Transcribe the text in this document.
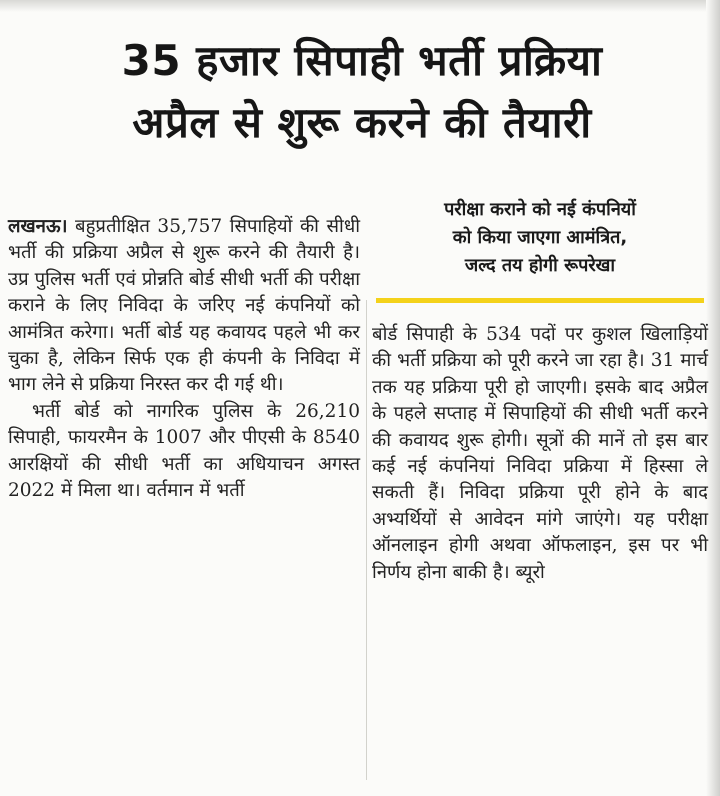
35 हजार सिपाही भर्ती प्रक्रिया
अप्रैल से शुरू करने की तैयारी
परीक्षा कराने को नई कंपनियों
को किया जाएगा आमंत्रित,
जल्द तय होगी रूपरेखा

लखनऊ। बहुप्रतीक्षित 35,757 सिपाहियों की सीधी भर्ती की प्रक्रिया अप्रैल से शुरू करने की तैयारी है। उप्र पुलिस भर्ती एवं प्रोन्नति बोर्ड सीधी भर्ती की परीक्षा कराने के लिए निविदा के जरिए नई कंपनियों को आमंत्रित करेगा। भर्ती बोर्ड यह कवायद पहले भी कर चुका है, लेकिन सिर्फ एक ही कंपनी के निविदा में भाग लेने से प्रक्रिया निरस्त कर दी गई थी।

भर्ती बोर्ड को नागरिक पुलिस के 26,210 सिपाही, फायरमैन के 1007 और पीएसी के 8540 आरक्षियों की सीधी भर्ती का अधियाचन अगस्त 2022 में मिला था। वर्तमान में भर्ती

बोर्ड सिपाही के 534 पदों पर कुशल खिलाड़ियों की भर्ती प्रक्रिया को पूरी करने जा रहा है। 31 मार्च तक यह प्रक्रिया पूरी हो जाएगी। इसके बाद अप्रैल के पहले सप्ताह में सिपाहियों की सीधी भर्ती करने की कवायद शुरू होगी। सूत्रों की मानें तो इस बार कई नई कंपनियां निविदा प्रक्रिया में हिस्सा ले सकती हैं। निविदा प्रक्रिया पूरी होने के बाद अभ्यर्थियों से आवेदन मांगे जाएंगे। यह परीक्षा ऑनलाइन होगी अथवा ऑफलाइन, इस पर भी निर्णय होना बाकी है। ब्यूरो
